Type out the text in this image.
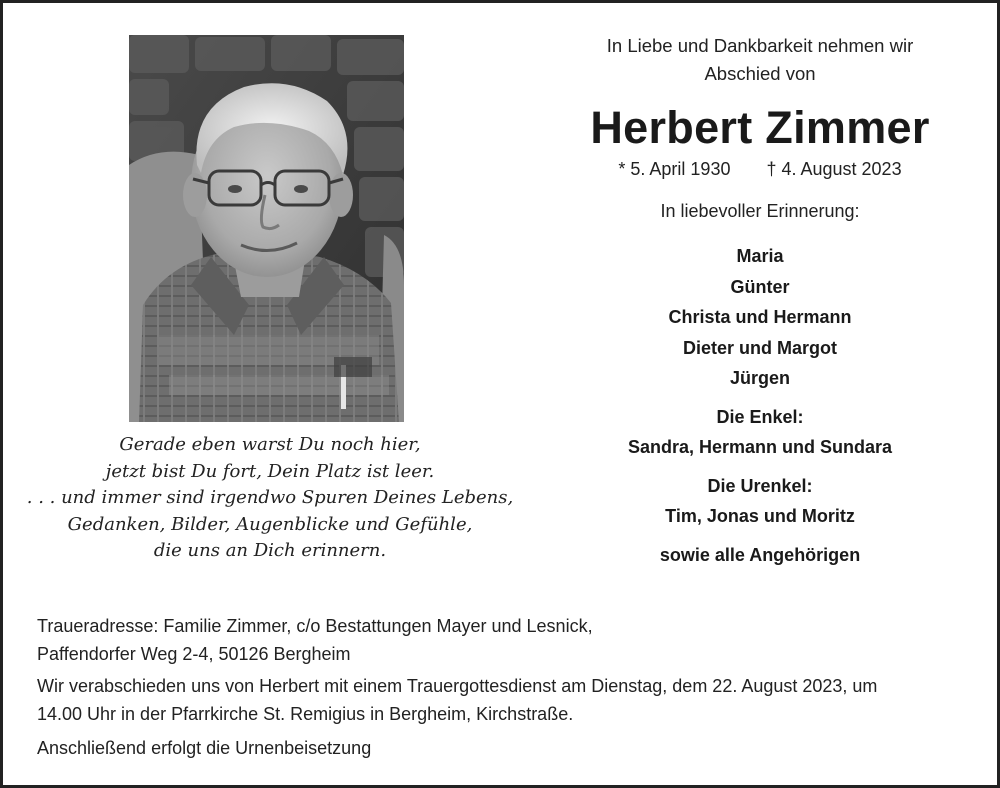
Gerade eben warst Du noch hier,
jetzt bist Du fort, Dein Platz ist leer.
. . . und immer sind irgendwo Spuren Deines Lebens,
Gedanken, Bilder, Augenblicke und Gefühle,
die uns an Dich erinnern.
In Liebe und Dankbarkeit nehmen wir
Abschied von
Herbert Zimmer
* 5. April 1930 † 4. August 2023
In liebevoller Erinnerung:
Maria
Günter
Christa und Hermann
Dieter und Margot
Jürgen
Die Enkel:
Sandra, Hermann und Sundara
Die Urenkel:
Tim, Jonas und Moritz
sowie alle Angehörigen
Traueradresse: Familie Zimmer, c/o Bestattungen Mayer und Lesnick,
Paffendorfer Weg 2-4, 50126 Bergheim
Wir verabschieden uns von Herbert mit einem Trauergottesdienst am Dienstag, dem 22. August 2023, um
14.00 Uhr in der Pfarrkirche St. Remigius in Bergheim, Kirchstraße.
Anschließend erfolgt die Urnenbeisetzung
